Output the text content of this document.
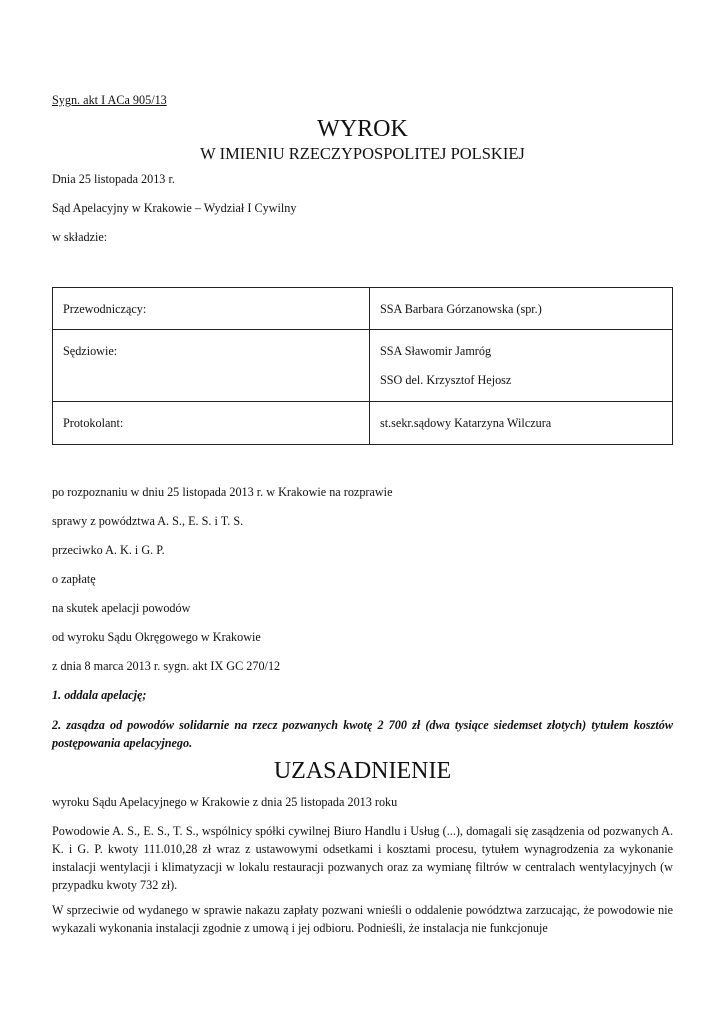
Sygn. akt I ACa 905/13
WYROK
W IMIENIU RZECZYPOSPOLITEJ POLSKIEJ
Dnia 25 listopada 2013 r.
Sąd Apelacyjny w Krakowie – Wydział I Cywilny
w składzie:
Przewodniczący:	SSA Barbara Górzanowska (spr.)
Sędziowie:	SSA Sławomir Jamróg
SSO del. Krzysztof Hejosz

Protokolant:	st.sekr.sądowy Katarzyna Wilczura
po rozpoznaniu w dniu 25 listopada 2013 r. w Krakowie na rozprawie
sprawy z powództwa A. S., E. S. i T. S.
przeciwko A. K. i G. P.
o zapłatę
na skutek apelacji powodów
od wyroku Sądu Okręgowego w Krakowie
z dnia 8 marca 2013 r. sygn. akt IX GC 270/12
1. oddala apelację;
2. zasądza od powodów solidarnie na rzecz pozwanych kwotę 2 700 zł (dwa tysiące siedemset złotych) tytułem kosztów postępowania apelacyjnego.
UZASADNIENIE
wyroku Sądu Apelacyjnego w Krakowie z dnia 25 listopada 2013 roku
Powodowie A. S., E. S., T. S., wspólnicy spółki cywilnej Biuro Handlu i Usług (...), domagali się zasądzenia od pozwanych A. K. i G. P. kwoty 111.010,28 zł wraz z ustawowymi odsetkami i kosztami procesu, tytułem wynagrodzenia za wykonanie instalacji wentylacji i klimatyzacji w lokalu restauracji pozwanych oraz za wymianę filtrów w centralach wentylacyjnych (w przypadku kwoty 732 zł).
W sprzeciwie od wydanego w sprawie nakazu zapłaty pozwani wnieśli o oddalenie powództwa zarzucając, że powodowie nie wykazali wykonania instalacji zgodnie z umową i jej odbioru. Podnieśli, że instalacja nie funkcjonuje
